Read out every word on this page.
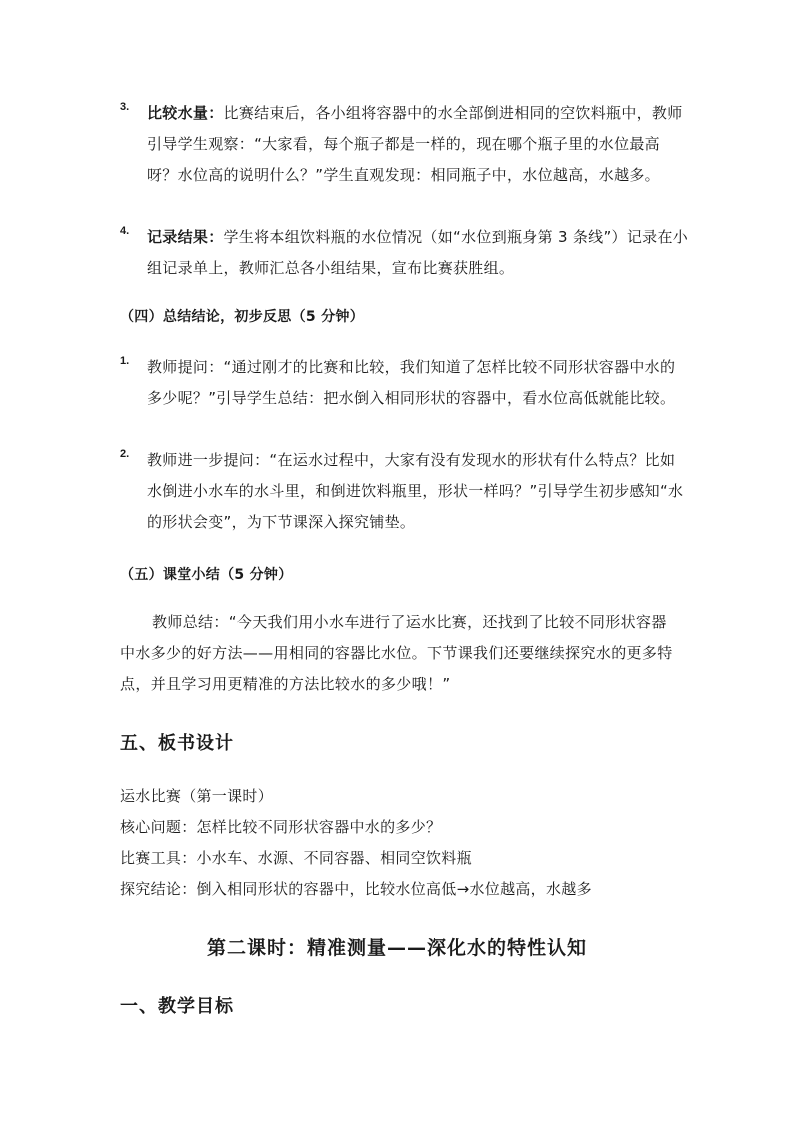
3. 比较水量：比赛结束后，各小组将容器中的水全部倒进相同的空饮料瓶中，教师引导学生观察：“大家看，每个瓶子都是一样的，现在哪个瓶子里的水位最高呀？水位高的说明什么？”学生直观发现：相同瓶子中，水位越高，水越多。
4. 记录结果：学生将本组饮料瓶的水位情况（如“水位到瓶身第 3 条线”）记录在小组记录单上，教师汇总各小组结果，宣布比赛获胜组。
（四）总结结论，初步反思（5 分钟）
1. 教师提问：“通过刚才的比赛和比较，我们知道了怎样比较不同形状容器中水的多少呢？”引导学生总结：把水倒入相同形状的容器中，看水位高低就能比较。
2. 教师进一步提问：“在运水过程中，大家有没有发现水的形状有什么特点？比如水倒进小水车的水斗里，和倒进饮料瓶里，形状一样吗？”引导学生初步感知“水的形状会变”，为下节课深入探究铺垫。
（五）课堂小结（5 分钟）
教师总结：“今天我们用小水车进行了运水比赛，还找到了比较不同形状容器中水多少的好方法——用相同的容器比水位。下节课我们还要继续探究水的更多特点，并且学习用更精准的方法比较水的多少哦！”
五、板书设计
运水比赛（第一课时）
核心问题：怎样比较不同形状容器中水的多少？
比赛工具：小水车、水源、不同容器、相同空饮料瓶
探究结论：倒入相同形状的容器中，比较水位高低→水位越高，水越多
第二课时：精准测量——深化水的特性认知
一、教学目标
